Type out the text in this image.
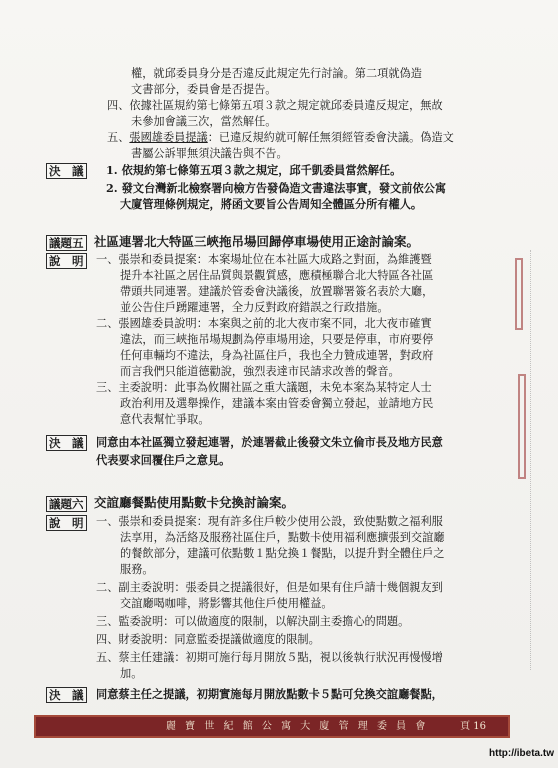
權，就邱委員身分是否違反此規定先行討論。第二項就偽造
文書部分，委員會是否提告。
四、依據社區規約第七條第五項３款之規定就邱委員違反規定，無故
未參加會議三次，當然解任。
五、張國雄委員提議：已違反規約就可解任無須經管委會決議。偽造文
書屬公訴罪無須決議告與不告。
決　議 1. 依規約第七條第五項３款之規定，邱千凱委員當然解任。
2. 發文台灣新北檢察署向檢方告發偽造文書違法事實，發文前依公寓
大廈管理條例規定，將函文要旨公告周知全體區分所有權人。
議題五 社區連署北大特區三峽拖吊場回歸停車場使用正途討論案。
說　明 一、張崇和委員提案：本案場址位在本社區大成路之對面，為維護暨
提升本社區之居住品質與景觀質感，應積極聯合北大特區各社區
帶頭共同連署。建議於管委會決議後，放置聯署簽名表於大廳，
並公告住戶踴躍連署，全力反對政府錯誤之行政措施。
二、張國雄委員說明：本案與之前的北大夜市案不同，北大夜市確實
違法，而三峽拖吊場規劃為停車場用途，只要是停車，市府要停
任何車輛均不違法，身為社區住戶，我也全力贊成連署，對政府
而言我們只能道德勸說，強烈表達市民請求改善的聲音。
三、主委說明：此事為攸關社區之重大議題，未免本案為某特定人士
政治利用及選舉操作，建議本案由管委會獨立發起，並請地方民
意代表幫忙爭取。
決　議 同意由本社區獨立發起連署，於連署截止後發文朱立倫市長及地方民意
代表要求回覆住戶之意見。
議題六 交誼廳餐點使用點數卡兌換討論案。
說　明 一、張崇和委員提案：現有許多住戶較少使用公設，致使點數之福利服
法享用，為活絡及服務社區住戶，點數卡使用福利應擴張到交誼廳
的餐飲部分，建議可依點數１點兌換１餐點，以提升對全體住戶之
服務。
二、副主委說明：張委員之提議很好，但是如果有住戶請十幾個親友到
交誼廳喝咖啡，將影響其他住戶使用權益。
三、監委說明：可以做適度的限制，以解決副主委擔心的問題。
四、財委說明：同意監委提議做適度的限制。
五、蔡主任建議：初期可施行每月開放５點，視以後執行狀況再慢慢增
加。
決　議 同意蔡主任之提議，初期實施每月開放點數卡５點可兌換交誼廳餐點，
麗 寶 世 紀 館 公 寓 大 廈 管 理 委 員 會	頁 16
http://ibeta.tw
